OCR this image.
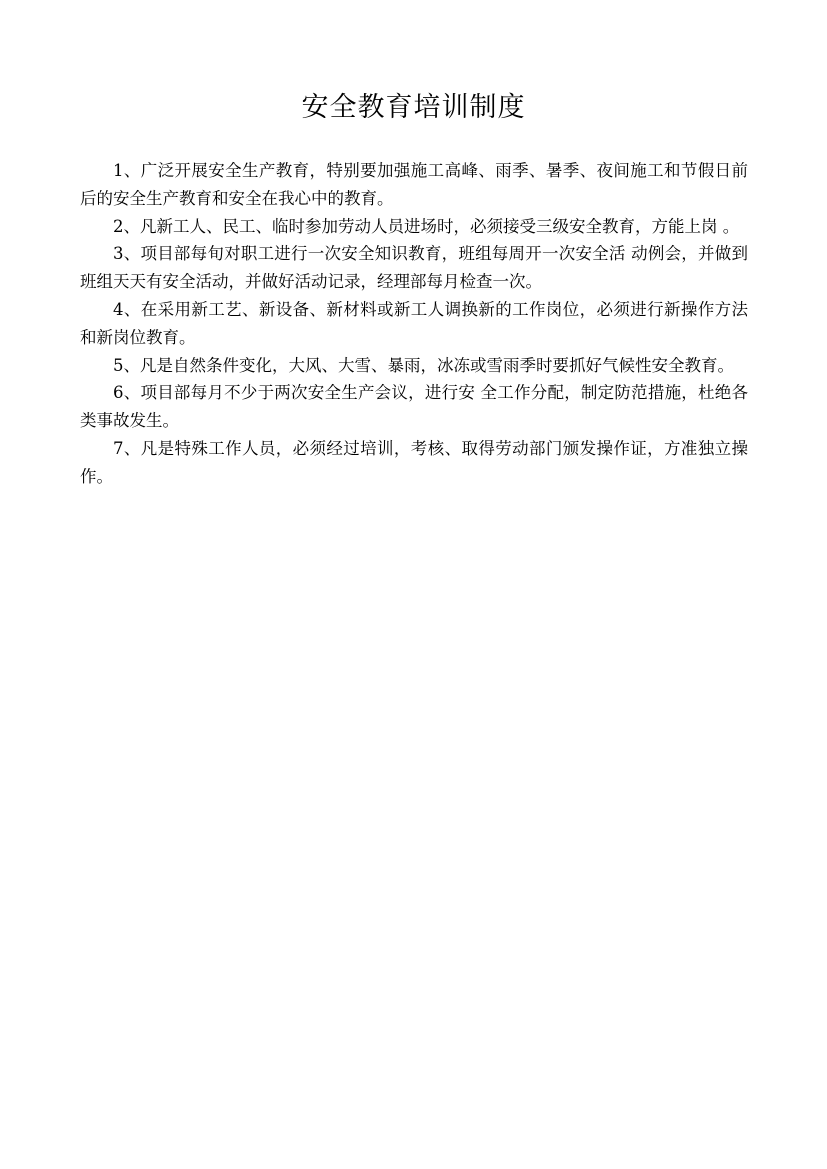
安全教育培训制度

1、广泛开展安全生产教育，特别要加强施工高峰、雨季、暑季、夜间施工和节假日前后的安全生产教育和安全在我心中的教育。

2、凡新工人、民工、临时参加劳动人员进场时，必须接受三级安全教育，方能上岗 。

3、项目部每旬对职工进行一次安全知识教育，班组每周开一次安全活 动例会，并做到班组天天有安全活动，并做好活动记录，经理部每月检查一次。

4、在采用新工艺、新设备、新材料或新工人调换新的工作岗位，必须进行新操作方法和新岗位教育。

5、凡是自然条件变化，大风、大雪、暴雨，冰冻或雪雨季时要抓好气候性安全教育。

6、项目部每月不少于两次安全生产会议，进行安 全工作分配，制定防范措施，杜绝各类事故发生。

7、凡是特殊工作人员，必须经过培训，考核、取得劳动部门颁发操作证，方准独立操作。
